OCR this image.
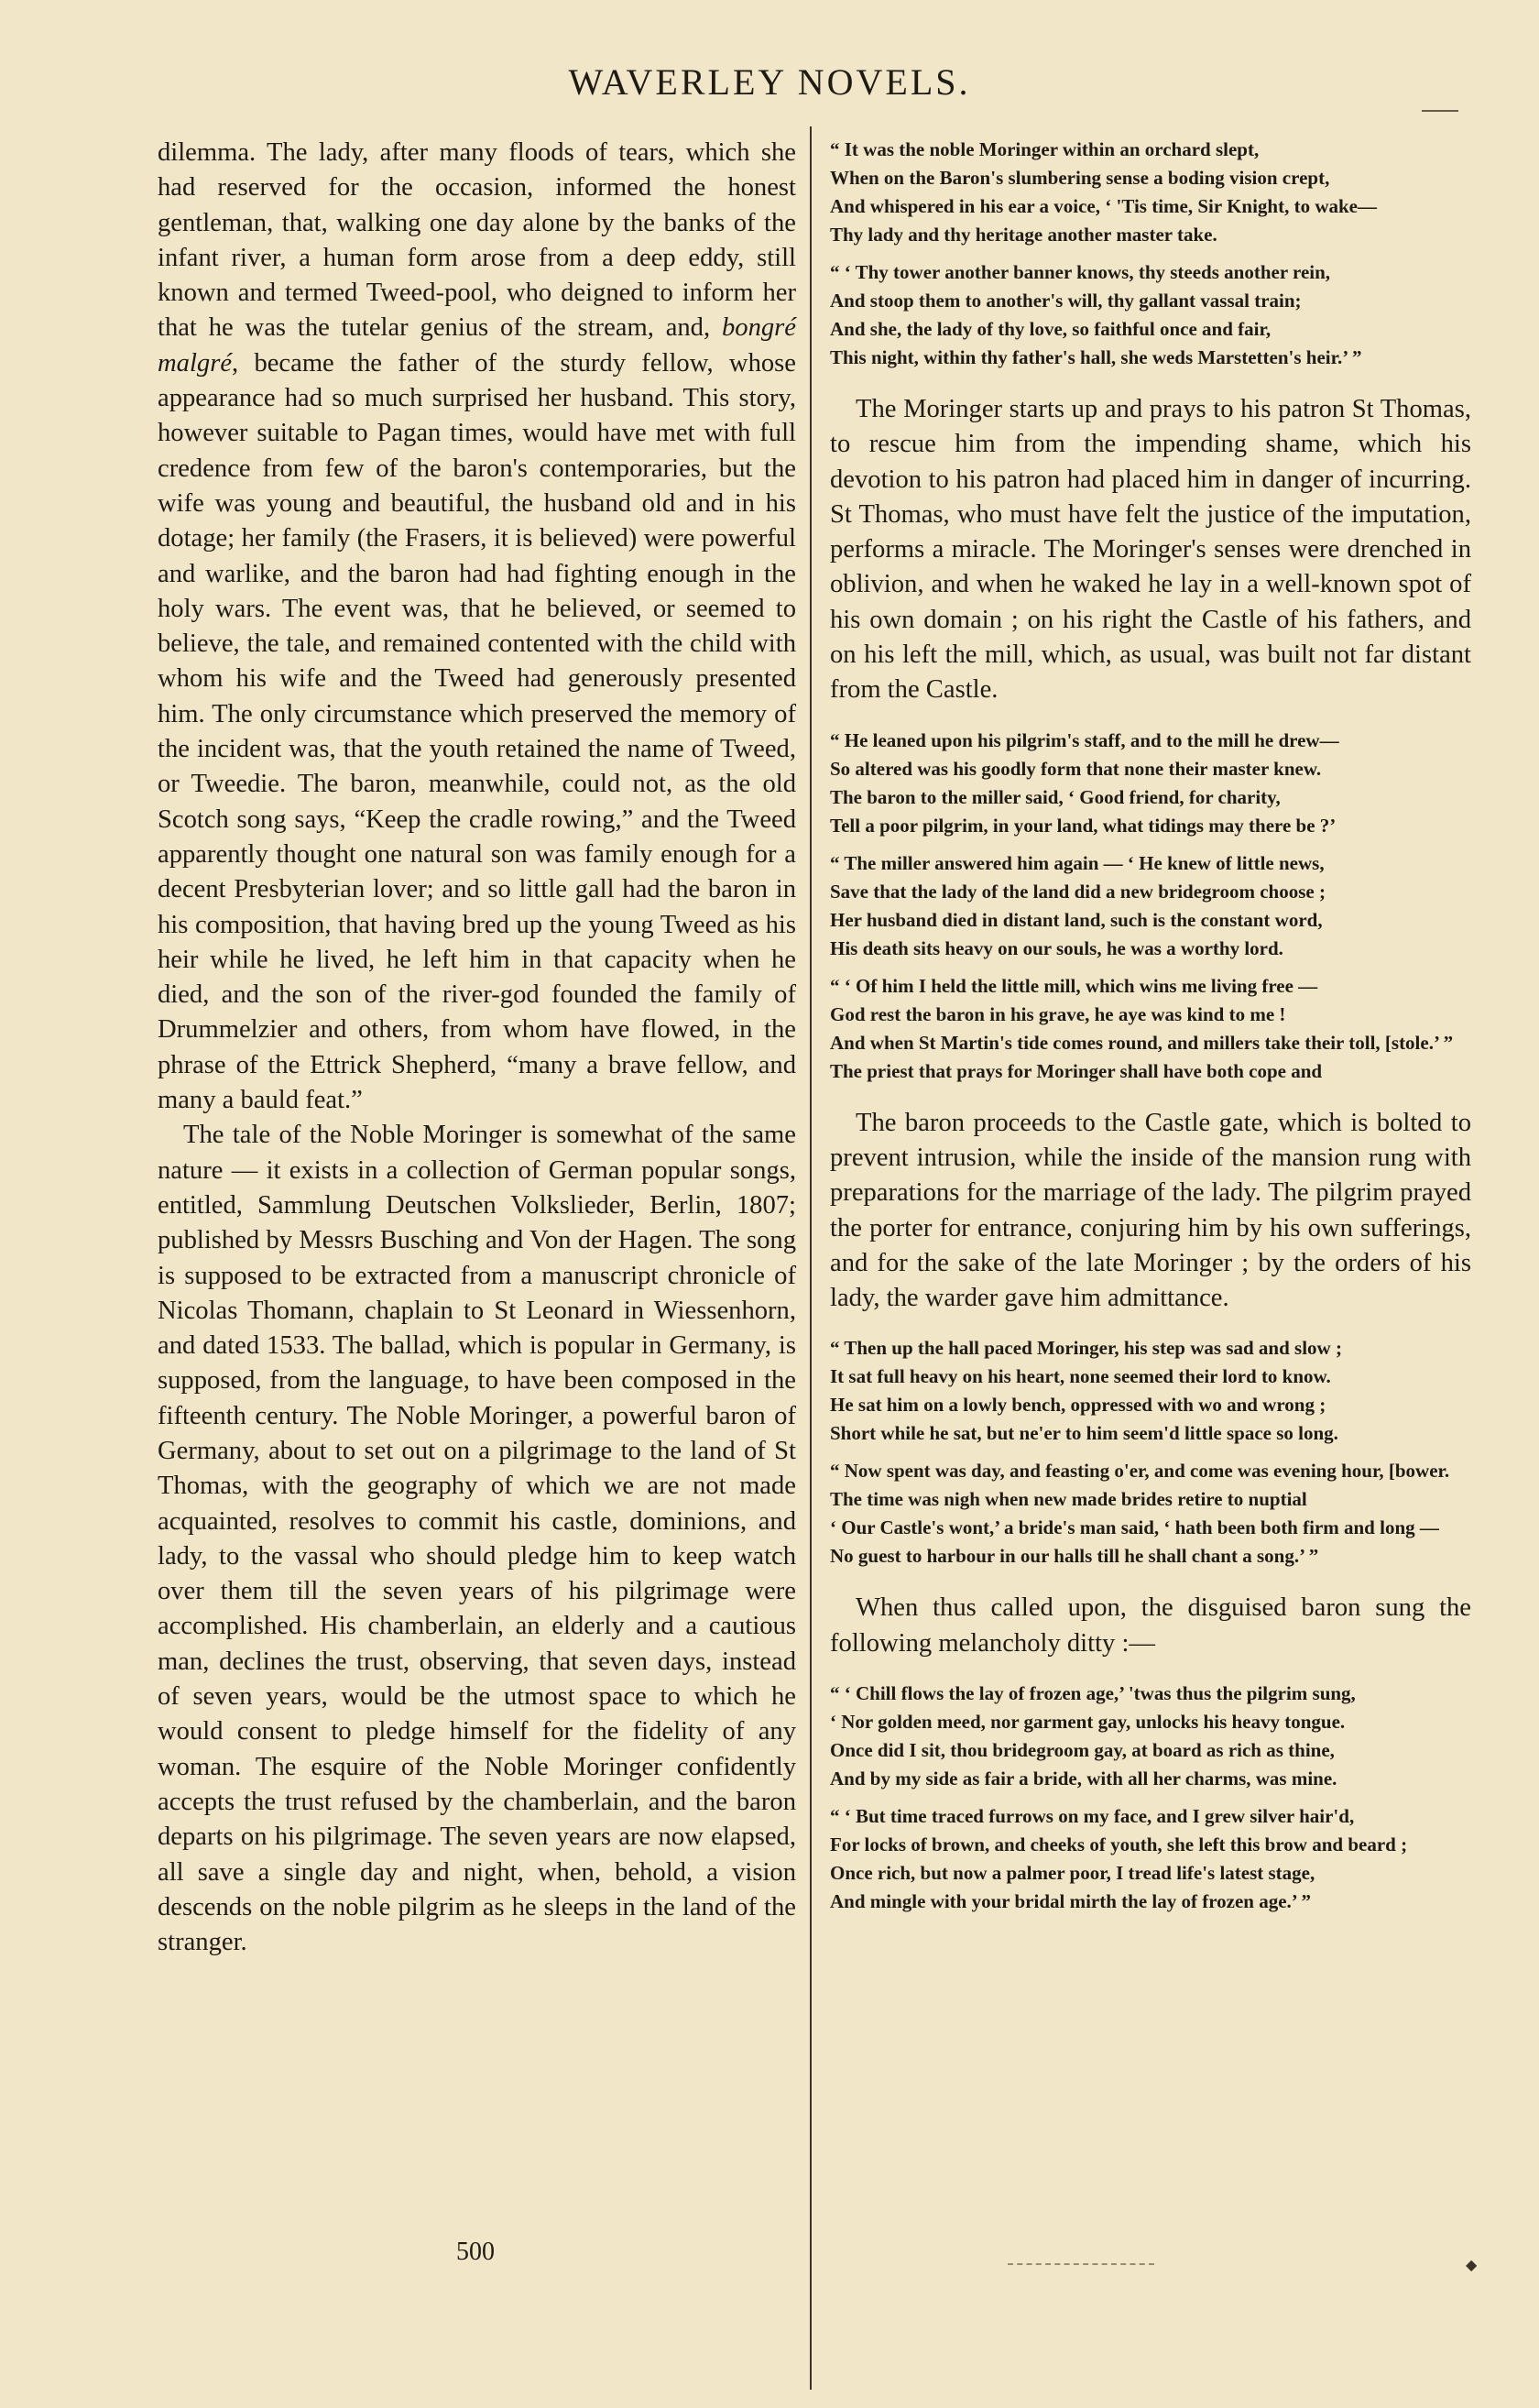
WAVERLEY NOVELS.

dilemma. The lady, after many floods of tears, which she had reserved for the occasion, informed the honest gentleman, that, walking one day alone by the banks of the infant river, a human form arose from a deep eddy, still known and termed Tweed-pool, who deigned to inform her that he was the tutelar genius of the stream, and, bongré malgré, became the father of the sturdy fellow, whose appearance had so much surprised her husband. This story, however suitable to Pagan times, would have met with full credence from few of the baron's contemporaries, but the wife was young and beautiful, the husband old and in his dotage; her family (the Frasers, it is believed) were powerful and warlike, and the baron had had fighting enough in the holy wars. The event was, that he believed, or seemed to believe, the tale, and remained contented with the child with whom his wife and the Tweed had generously presented him. The only circumstance which preserved the memory of the incident was, that the youth retained the name of Tweed, or Tweedie. The baron, meanwhile, could not, as the old Scotch song says, “Keep the cradle rowing,” and the Tweed apparently thought one natural son was family enough for a decent Presbyterian lover; and so little gall had the baron in his composition, that having bred up the young Tweed as his heir while he lived, he left him in that capacity when he died, and the son of the river-god founded the family of Drummelzier and others, from whom have flowed, in the phrase of the Ettrick Shepherd, “many a brave fellow, and many a bauld feat.”

The tale of the Noble Moringer is somewhat of the same nature — it exists in a collection of German popular songs, entitled, Sammlung Deutschen Volkslieder, Berlin, 1807; published by Messrs Busching and Von der Hagen. The song is supposed to be extracted from a manuscript chronicle of Nicolas Thomann, chaplain to St Leonard in Wiessenhorn, and dated 1533. The ballad, which is popular in Germany, is supposed, from the language, to have been composed in the fifteenth century. The Noble Moringer, a powerful baron of Germany, about to set out on a pilgrimage to the land of St Thomas, with the geography of which we are not made acquainted, resolves to commit his castle, dominions, and lady, to the vassal who should pledge him to keep watch over them till the seven years of his pilgrimage were accomplished. His chamberlain, an elderly and a cautious man, declines the trust, observing, that seven days, instead of seven years, would be the utmost space to which he would consent to pledge himself for the fidelity of any woman. The esquire of the Noble Moringer confidently accepts the trust refused by the chamberlain, and the baron departs on his pilgrimage. The seven years are now elapsed, all save a single day and night, when, behold, a vision descends on the noble pilgrim as he sleeps in the land of the stranger.

“ It was the noble Moringer within an orchard slept,
When on the Baron's slumbering sense a boding vision crept,
And whispered in his ear a voice, ‘ 'Tis time, Sir Knight, to wake—
Thy lady and thy heritage another master take.
“ ‘ Thy tower another banner knows, thy steeds another rein,
And stoop them to another's will, thy gallant vassal train;
And she, the lady of thy love, so faithful once and fair,
This night, within thy father's hall, she weds Marstetten's heir.’ ”

The Moringer starts up and prays to his patron St Thomas, to rescue him from the impending shame, which his devotion to his patron had placed him in danger of incurring. St Thomas, who must have felt the justice of the imputation, performs a miracle. The Moringer's senses were drenched in oblivion, and when he waked he lay in a well-known spot of his own domain ; on his right the Castle of his fathers, and on his left the mill, which, as usual, was built not far distant from the Castle.

“ He leaned upon his pilgrim's staff, and to the mill he drew—
So altered was his goodly form that none their master knew.
The baron to the miller said, ‘ Good friend, for charity,
Tell a poor pilgrim, in your land, what tidings may there be ?’
“ The miller answered him again — ‘ He knew of little news,
Save that the lady of the land did a new bridegroom choose ;
Her husband died in distant land, such is the constant word,
His death sits heavy on our souls, he was a worthy lord.
“ ‘ Of him I held the little mill, which wins me living free —
God rest the baron in his grave, he aye was kind to me !
And when St Martin's tide comes round, and millers take their toll, [stole.’ ”
The priest that prays for Moringer shall have both cope and

The baron proceeds to the Castle gate, which is bolted to prevent intrusion, while the inside of the mansion rung with preparations for the marriage of the lady. The pilgrim prayed the porter for entrance, conjuring him by his own sufferings, and for the sake of the late Moringer ; by the orders of his lady, the warder gave him admittance.

“ Then up the hall paced Moringer, his step was sad and slow ;
It sat full heavy on his heart, none seemed their lord to know.
He sat him on a lowly bench, oppressed with wo and wrong ;
Short while he sat, but ne'er to him seem'd little space so long.
“ Now spent was day, and feasting o'er, and come was evening hour, [bower.
The time was nigh when new made brides retire to nuptial
‘ Our Castle's wont,’ a bride's man said, ‘ hath been both firm and long —
No guest to harbour in our halls till he shall chant a song.’ ”

When thus called upon, the disguised baron sung the following melancholy ditty :—

“ ‘ Chill flows the lay of frozen age,’ 'twas thus the pilgrim sung,
‘ Nor golden meed, nor garment gay, unlocks his heavy tongue.
Once did I sit, thou bridegroom gay, at board as rich as thine,
And by my side as fair a bride, with all her charms, was mine.
“ ‘ But time traced furrows on my face, and I grew silver hair'd,
For locks of brown, and cheeks of youth, she left this brow and beard ;
Once rich, but now a palmer poor, I tread life's latest stage,
And mingle with your bridal mirth the lay of frozen age.’ ”
500	◆
